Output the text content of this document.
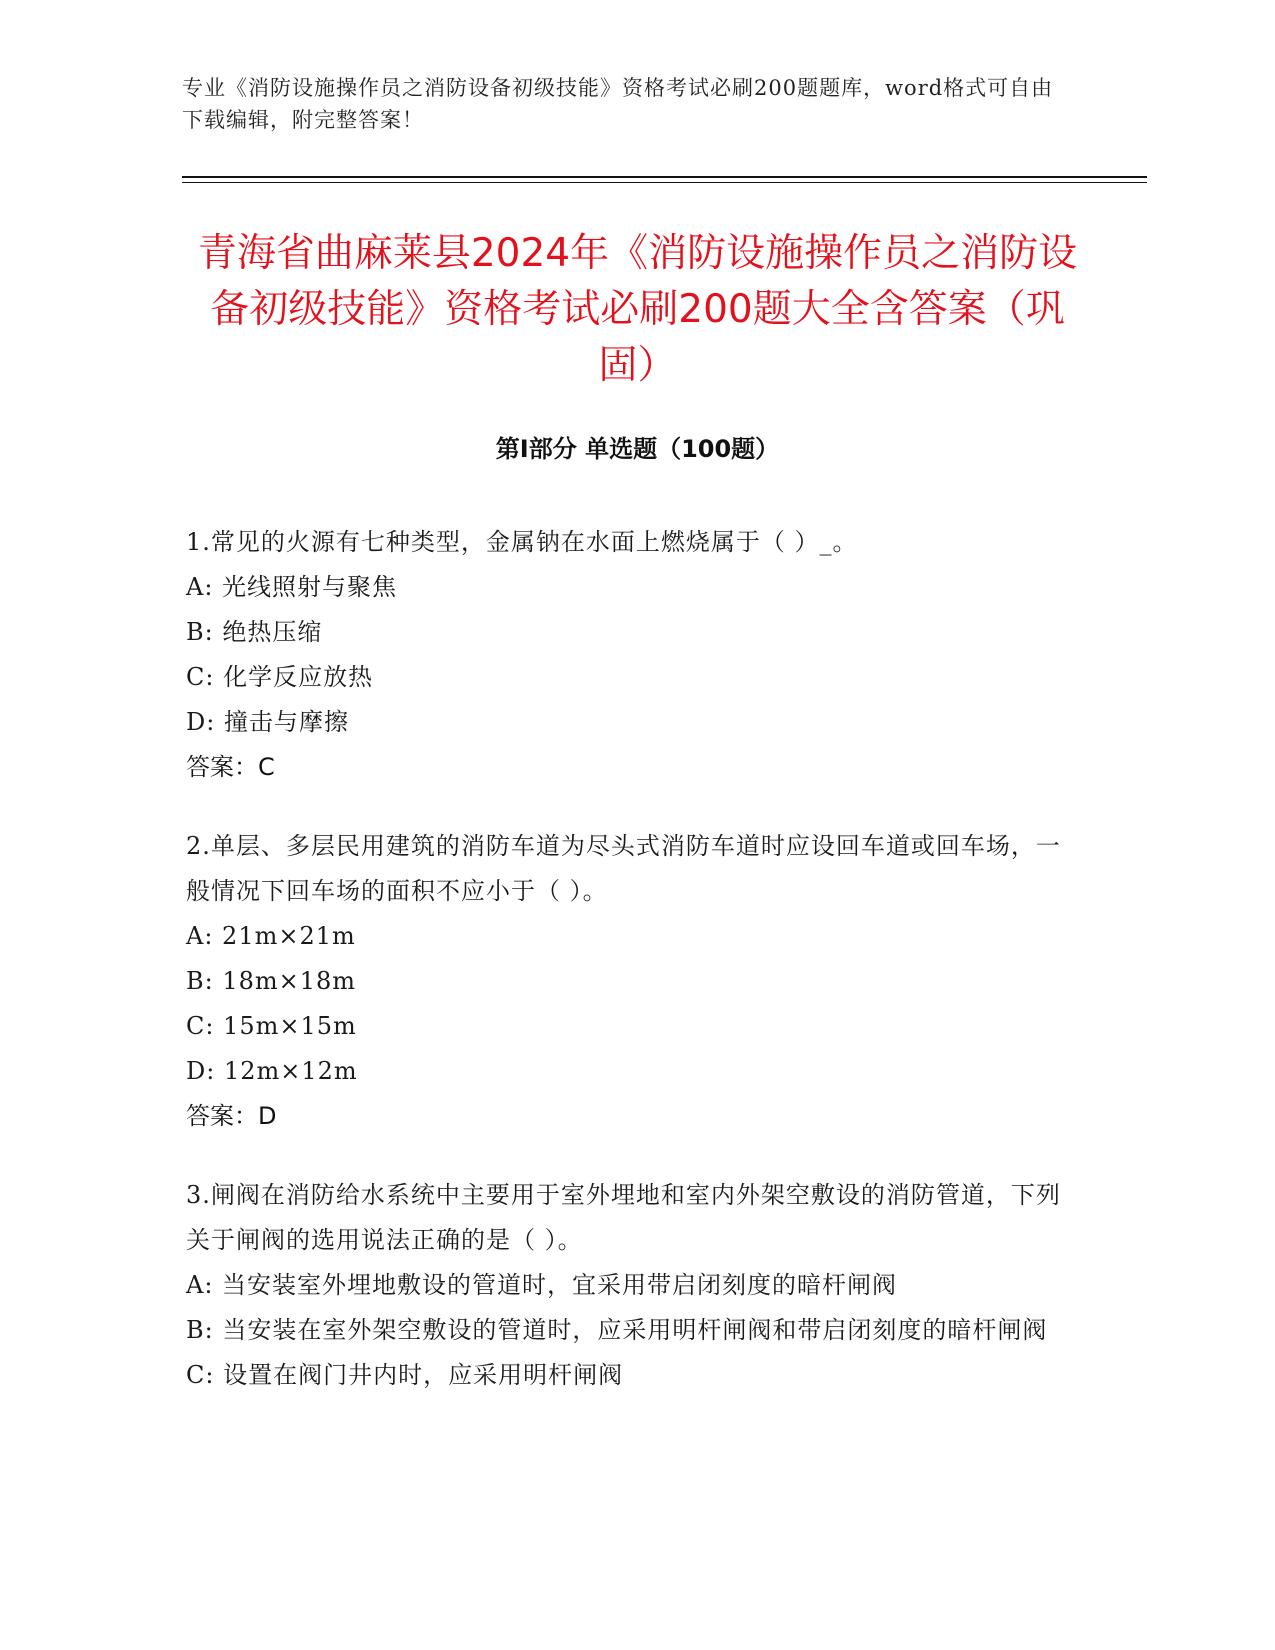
专业《消防设施操作员之消防设备初级技能》资格考试必刷200题题库，word格式可自由下载编辑，附完整答案！
青海省曲麻莱县2024年《消防设施操作员之消防设备初级技能》资格考试必刷200题大全含答案（巩固）
第I部分 单选题（100题）
1.常见的火源有七种类型，金属钠在水面上燃烧属于（ ）_。
A: 光线照射与聚焦
B: 绝热压缩
C: 化学反应放热
D: 撞击与摩擦
答案：C
2.单层、多层民用建筑的消防车道为尽头式消防车道时应设回车道或回车场，一般情况下回车场的面积不应小于（ ）。
A: 21m×21m
B: 18m×18m
C: 15m×15m
D: 12m×12m
答案：D
3.闸阀在消防给水系统中主要用于室外埋地和室内外架空敷设的消防管道，下列关于闸阀的选用说法正确的是（ ）。
A: 当安装室外埋地敷设的管道时，宜采用带启闭刻度的暗杆闸阀
B: 当安装在室外架空敷设的管道时，应采用明杆闸阀和带启闭刻度的暗杆闸阀
C: 设置在阀门井内时，应采用明杆闸阀
